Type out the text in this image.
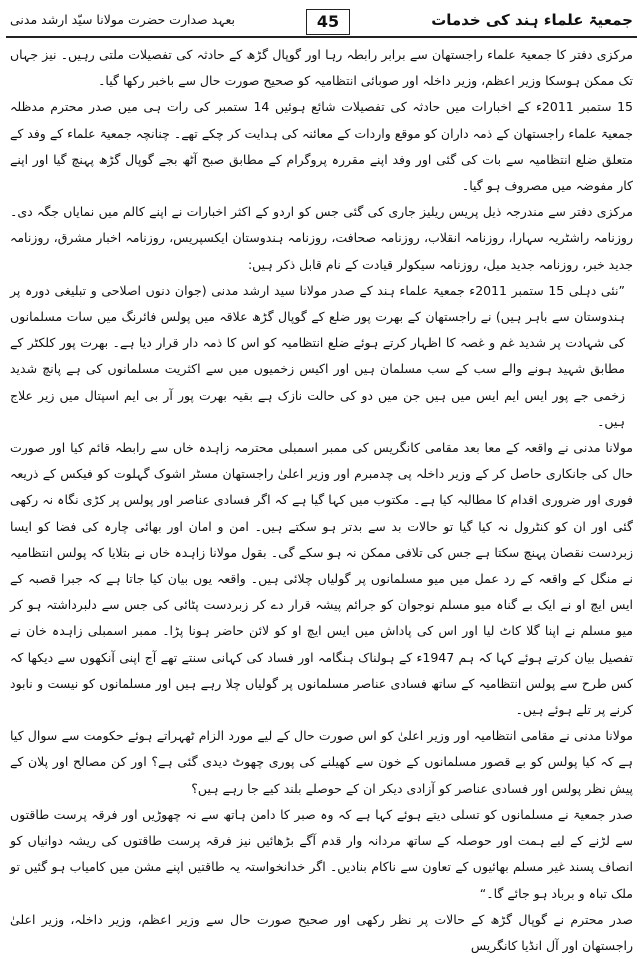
جمعیۃ علماء ہند کی خدمات
45
بعہد صدارت حضرت مولانا سیّد ارشد مدنی

مرکزی دفتر کا جمعیۃ علماء راجستھان سے برابر رابطہ رہا اور گوپال گڑھ کے حادثہ کی تفصیلات ملتی رہیں۔ نیز جہاں تک ممکن ہوسکا وزیر اعظم، وزیر داخلہ اور صوبائی انتظامیہ کو صحیح صورت حال سے باخبر رکھا گیا۔

15 ستمبر 2011ء کے اخبارات میں حادثہ کی تفصیلات شائع ہوئیں 14 ستمبر کی رات ہی میں صدر محترم مدظلہ جمعیۃ علماء راجستھان کے ذمہ داران کو موقع واردات کے معائنہ کی ہدایت کر چکے تھے۔ چنانچہ جمعیۃ علماء کے وفد کے متعلق ضلع انتظامیہ سے بات کی گئی اور وفد اپنے مقررہ پروگرام کے مطابق صبح آٹھ بجے گوپال گڑھ پہنچ گیا اور اپنے کار مفوضہ میں مصروف ہو گیا۔

مرکزی دفتر سے مندرجہ ذیل پریس ریلیز جاری کی گئی جس کو اردو کے اکثر اخبارات نے اپنے کالم میں نمایاں جگہ دی۔ روزنامہ راشٹریہ سہارا، روزنامہ انقلاب، روزنامہ صحافت، روزنامہ ہندوستان ایکسپریس، روزنامہ اخبار مشرق، روزنامہ جدید خبر، روزنامہ جدید میل، روزنامہ سیکولر قیادت کے نام قابل ذکر ہیں:

”نئی دہلی 15 ستمبر 2011ء جمعیۃ علماء ہند کے صدر مولانا سید ارشد مدنی (جوان دنوں اصلاحی و تبلیغی دورہ پر ہندوستان سے باہر ہیں) نے راجستھان کے بھرت پور ضلع کے گوپال گڑھ علاقہ میں پولس فائرنگ میں سات مسلمانوں کی شہادت پر شدید غم و غصہ کا اظہار کرتے ہوئے ضلع انتظامیہ کو اس کا ذمہ دار قرار دیا ہے۔ بھرت پور کلکٹر کے مطابق شہید ہونے والے سب کے سب مسلمان ہیں اور اکیس زخمیوں میں سے اکثریت مسلمانوں کی ہے پانچ شدید زخمی جے پور ایس ایم ایس میں ہیں جن میں دو کی حالت نازک ہے بقیہ بھرت پور آر بی ایم اسپتال میں زیر علاج ہیں۔

مولانا مدنی نے واقعہ کے معا بعد مقامی کانگریس کی ممبر اسمبلی محترمہ زاہدہ خاں سے رابطہ قائم کیا اور صورت حال کی جانکاری حاصل کر کے وزیر داخلہ پی چدمبرم اور وزیر اعلیٰ راجستھان مسٹر اشوک گہلوت کو فیکس کے ذریعہ فوری اور ضروری اقدام کا مطالبہ کیا ہے۔ مکتوب میں کہا گیا ہے کہ اگر فسادی عناصر اور پولس پر کڑی نگاہ نہ رکھی گئی اور ان کو کنٹرول نہ کیا گیا تو حالات بد سے بدتر ہو سکتے ہیں۔ امن و امان اور بھائی چارہ کی فضا کو ایسا زبردست نقصان پہنچ سکتا ہے جس کی تلافی ممکن نہ ہو سکے گی۔ بقول مولانا زاہدہ خاں نے بتلایا کہ پولس انتظامیہ نے منگل کے واقعہ کے رد عمل میں میو مسلمانوں پر گولیاں چلائی ہیں۔ واقعہ یوں بیان کیا جاتا ہے کہ جبرا قصبہ کے ایس ایچ او نے ایک بے گناہ میو مسلم نوجوان کو جرائم پیشہ قرار دے کر زبردست پٹائی کی جس سے دلبرداشتہ ہو کر میو مسلم نے اپنا گلا کاٹ لیا اور اس کی پاداش میں ایس ایچ او کو لائن حاضر ہونا پڑا۔ ممبر اسمبلی زاہدہ خان نے تفصیل بیان کرتے ہوئے کہا کہ ہم 1947ء کے ہولناک ہنگامہ اور فساد کی کہانی سنتے تھے آج اپنی آنکھوں سے دیکھا کہ کس طرح سے پولس انتظامیہ کے ساتھ فسادی عناصر مسلمانوں پر گولیاں چلا رہے ہیں اور مسلمانوں کو نیست و نابود کرنے پر تلے ہوئے ہیں۔

مولانا مدنی نے مقامی انتظامیہ اور وزیر اعلیٰ کو اس صورت حال کے لیے مورد الزام ٹھہراتے ہوئے حکومت سے سوال کیا ہے کہ کیا پولس کو بے قصور مسلمانوں کے خون سے کھیلنے کی پوری چھوٹ دیدی گئی ہے؟ اور کن مصالح اور پلان کے پیش نظر پولس اور فسادی عناصر کو آزادی دیکر ان کے حوصلے بلند کیے جا رہے ہیں؟

صدر جمعیۃ نے مسلمانوں کو تسلی دیتے ہوئے کہا ہے کہ وہ صبر کا دامن ہاتھ سے نہ چھوڑیں اور فرقہ پرست طاقتوں سے لڑنے کے لیے ہمت اور حوصلہ کے ساتھ مردانہ وار قدم آگے بڑھائیں نیز فرقہ پرست طاقتوں کی ریشہ دوانیاں کو انصاف پسند غیر مسلم بھائیوں کے تعاون سے ناکام بنادیں۔ اگر خدانخواستہ یہ طاقتیں اپنے مشن میں کامیاب ہو گئیں تو ملک تباہ و برباد ہو جائے گا۔“

صدر محترم نے گوپال گڑھ کے حالات پر نظر رکھی اور صحیح صورت حال سے وزیر اعظم، وزیر داخلہ، وزیر اعلیٰ راجستھان اور آل انڈیا کانگریس
